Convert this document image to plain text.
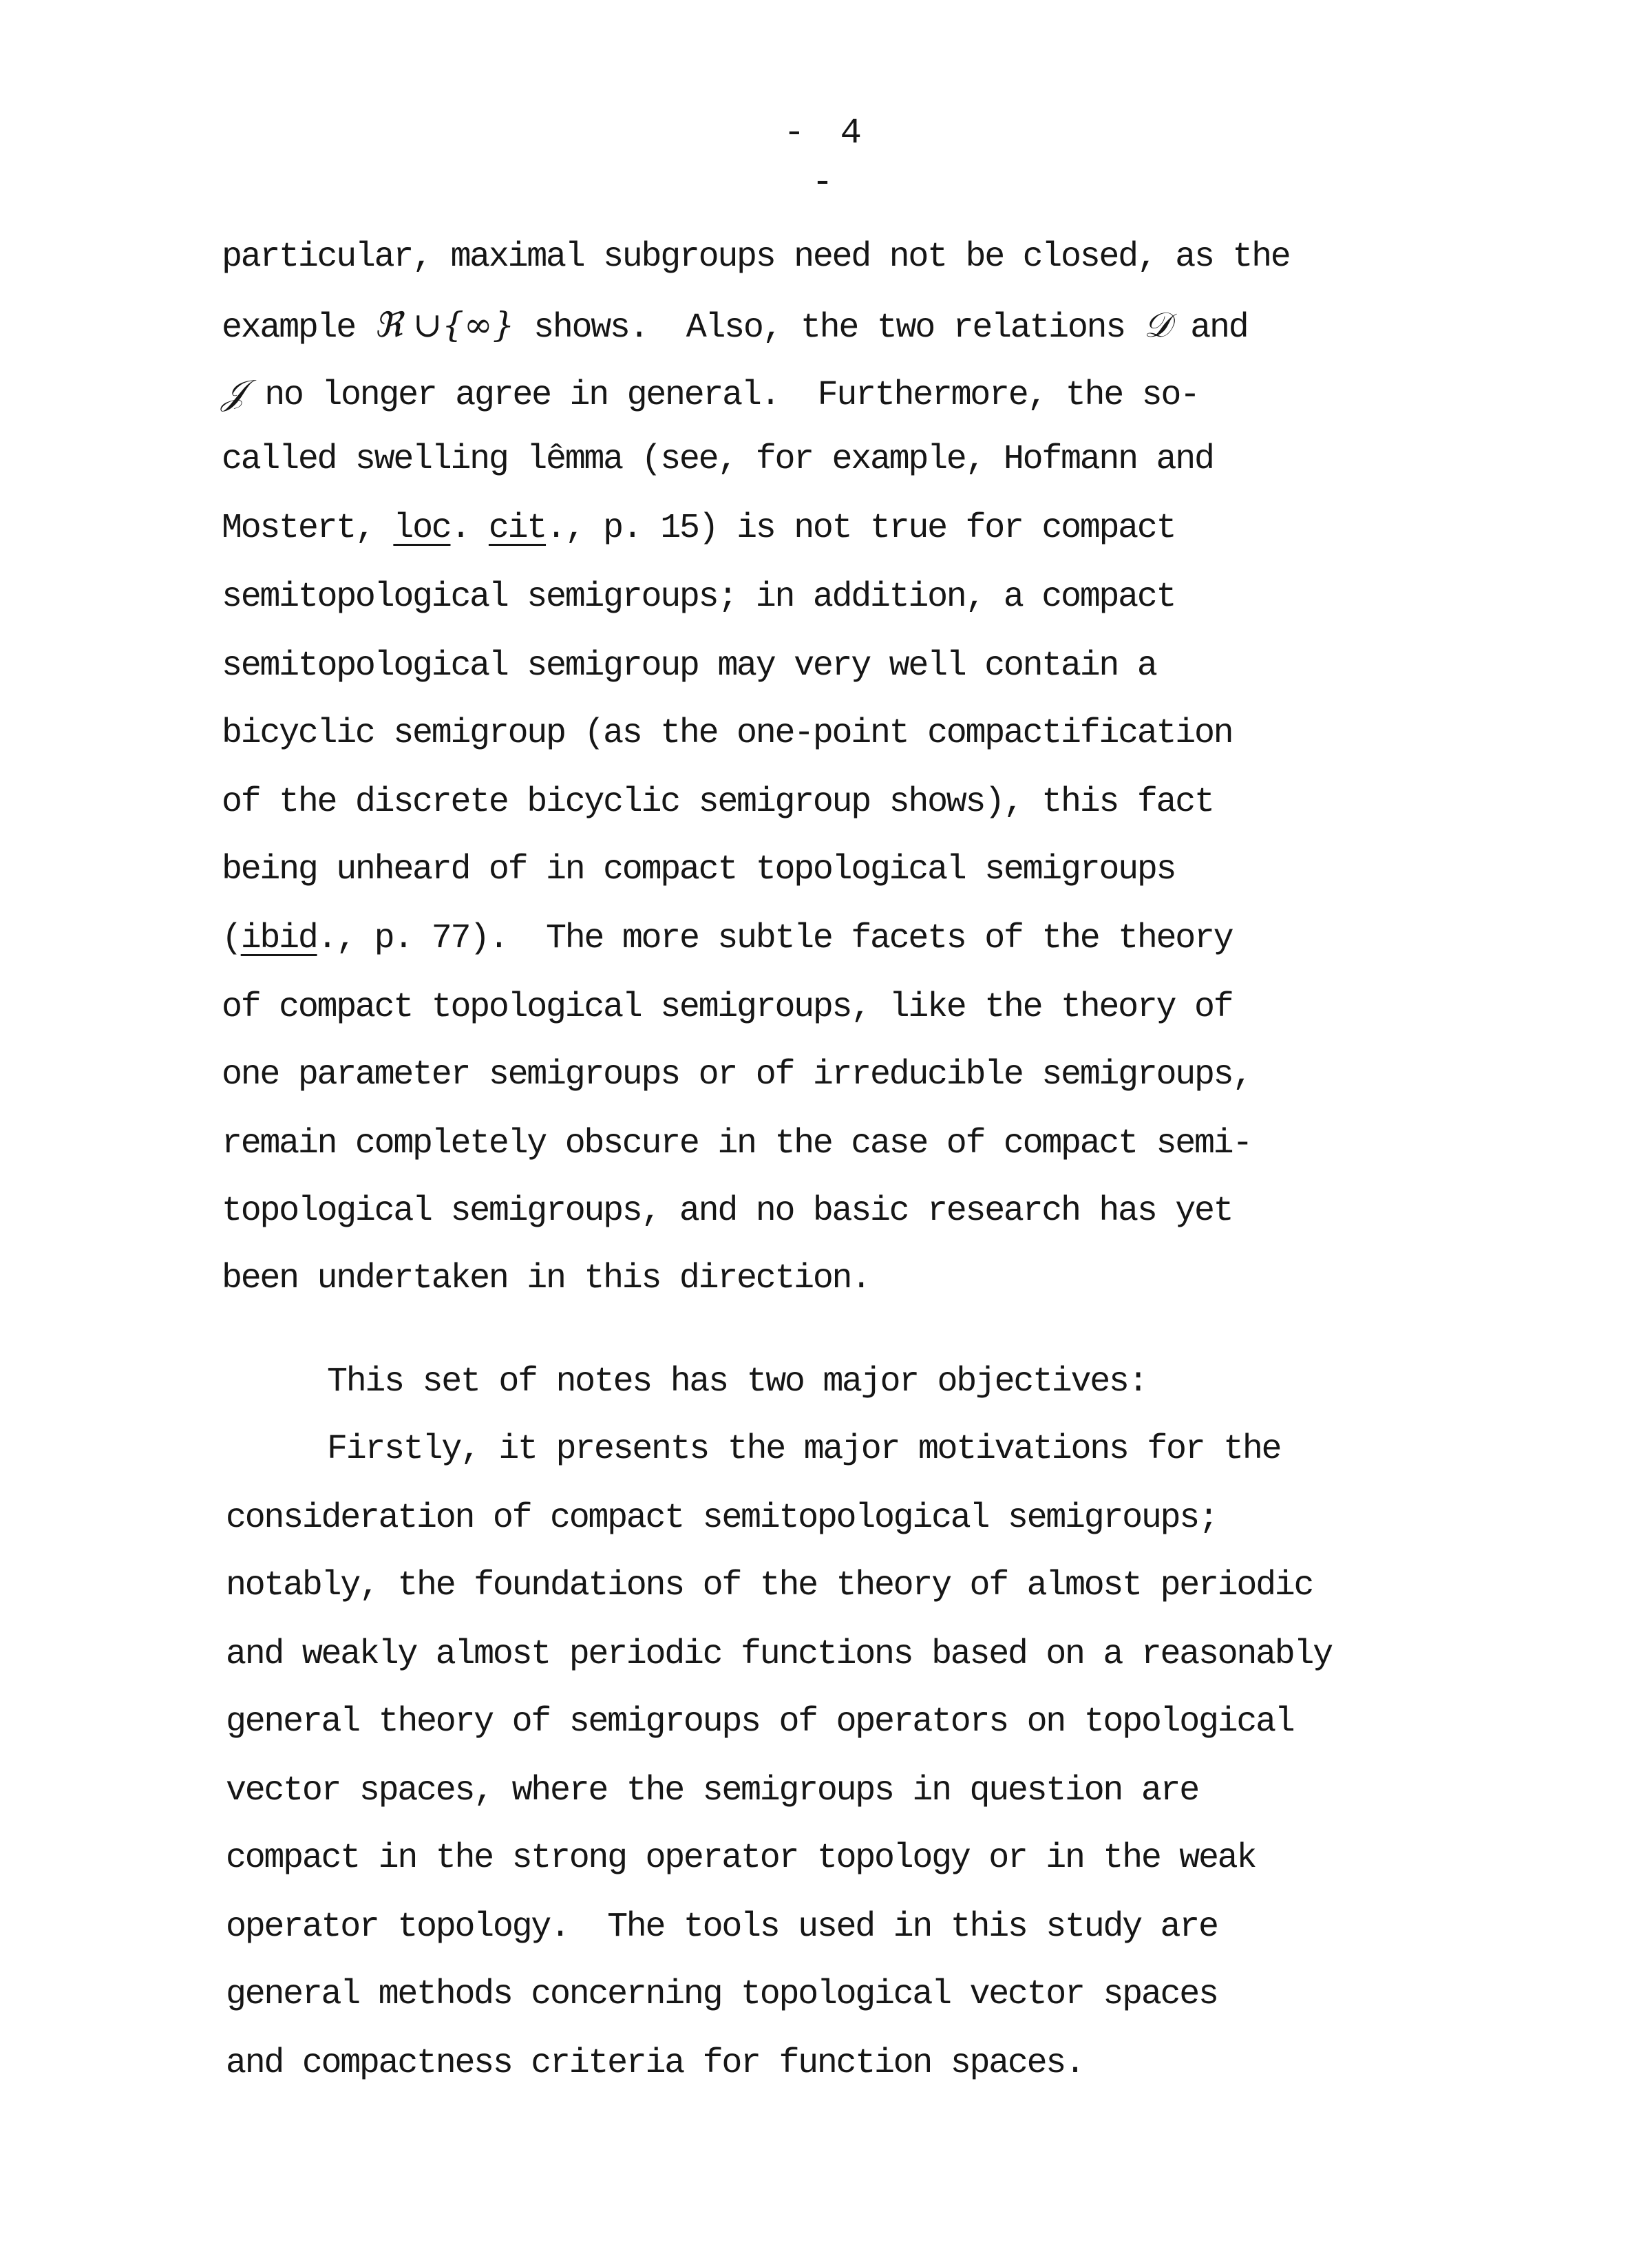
- 4 -
particular, maximal subgroups need not be closed, as the
example ℜ ∪{∞} shows.  Also, the two relations 𝒟 and
𝒥 no longer agree in general.  Furthermore, the so-
called swelling lêmma (see, for example, Hofmann and
Mostert, loc. cit., p. 15) is not true for compact
semitopological semigroups; in addition, a compact
semitopological semigroup may very well contain a
bicyclic semigroup (as the one-point compactification
of the discrete bicyclic semigroup shows), this fact
being unheard of in compact topological semigroups
(ibid., p. 77).  The more subtle facets of the theory
of compact topological semigroups, like the theory of
one parameter semigroups or of irreducible semigroups,
remain completely obscure in the case of compact semi-
topological semigroups, and no basic research has yet
been undertaken in this direction.
This set of notes has two major objectives:
Firstly, it presents the major motivations for the
consideration of compact semitopological semigroups;
notably, the foundations of the theory of almost periodic
and weakly almost periodic functions based on a reasonably
general theory of semigroups of operators on topological
vector spaces, where the semigroups in question are
compact in the strong operator topology or in the weak
operator topology.  The tools used in this study are
general methods concerning topological vector spaces
and compactness criteria for function spaces.
